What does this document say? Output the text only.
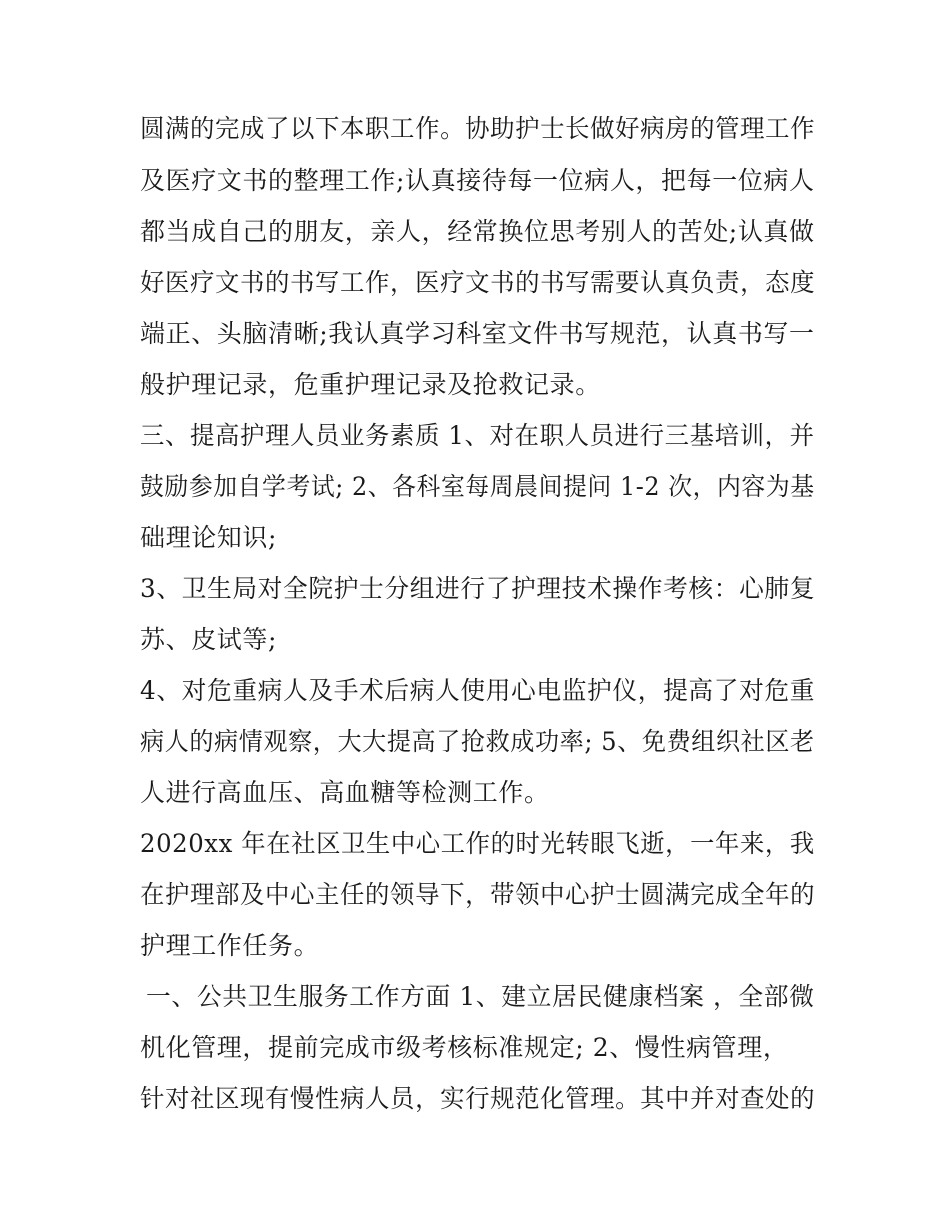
圆满的完成了以下本职工作。协助护士长做好病房的管理工作
及医疗文书的整理工作;认真接待每一位病人，把每一位病人
都当成自己的朋友，亲人，经常换位思考别人的苦处;认真做
好医疗文书的书写工作，医疗文书的书写需要认真负责，态度
端正、头脑清晰;我认真学习科室文件书写规范，认真书写一
般护理记录，危重护理记录及抢救记录。
三、提高护理人员业务素质 1、对在职人员进行三基培训，并
鼓励参加自学考试; 2、各科室每周晨间提问 1-2 次，内容为基
础理论知识;
3、卫生局对全院护士分组进行了护理技术操作考核：心肺复
苏、皮试等;
4、对危重病人及手术后病人使用心电监护仪，提高了对危重
病人的病情观察，大大提高了抢救成功率; 5、免费组织社区老
人进行高血压、高血糖等检测工作。
2020xx 年在社区卫生中心工作的时光转眼飞逝，一年来，我
在护理部及中心主任的领导下，带领中心护士圆满完成全年的
护理工作任务。
一、公共卫生服务工作方面 1、建立居民健康档案 ，全部微
机化管理，提前完成市级考核标准规定; 2、慢性病管理，
针对社区现有慢性病人员，实行规范化管理。其中并对查处的
